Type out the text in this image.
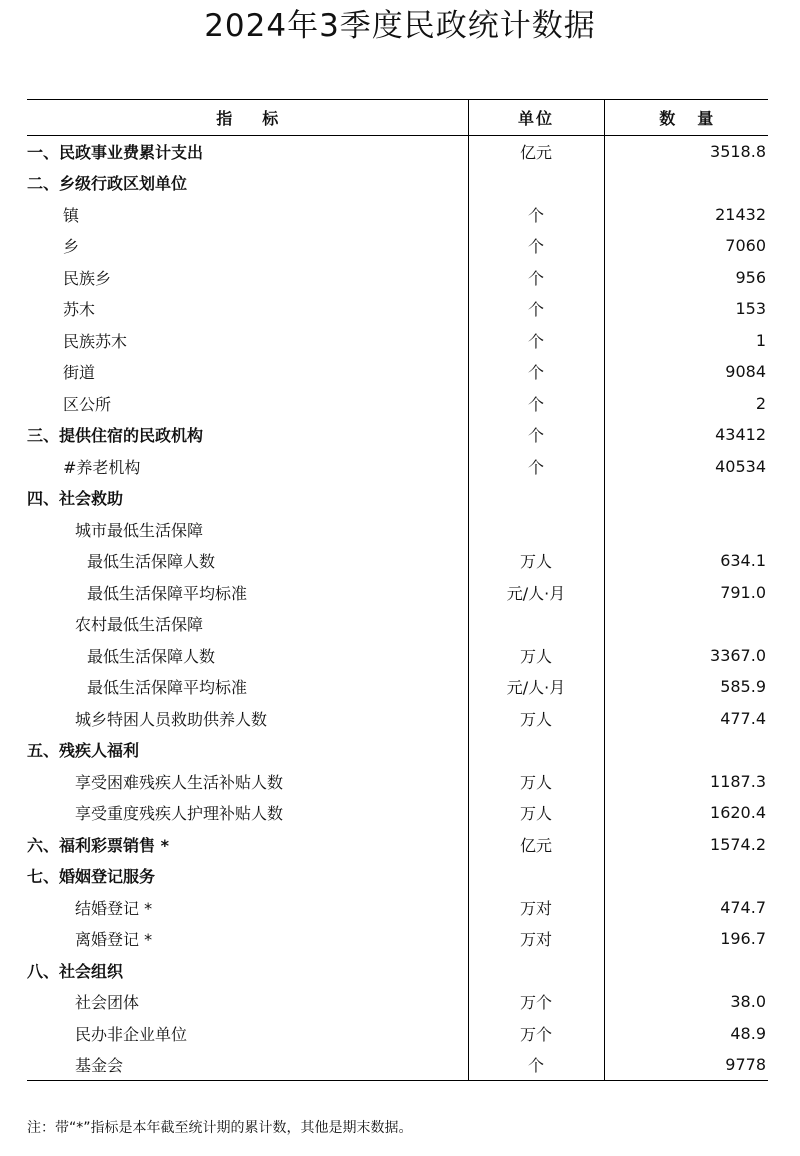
2024年3季度民政统计数据
指标	单位	数量
一、民政事业费累计支出	亿元	3518.8
二、乡级行政区划单位		
镇	个	21432
乡	个	7060
民族乡	个	956
苏木	个	153
民族苏木	个	1
街道	个	9084
区公所	个	2
三、提供住宿的民政机构	个	43412
#养老机构	个	40534
四、社会救助		
城市最低生活保障		
最低生活保障人数	万人	634.1
最低生活保障平均标准	元/人·月	791.0
农村最低生活保障		
最低生活保障人数	万人	3367.0
最低生活保障平均标准	元/人·月	585.9
城乡特困人员救助供养人数	万人	477.4
五、残疾人福利		
享受困难残疾人生活补贴人数	万人	1187.3
享受重度残疾人护理补贴人数	万人	1620.4
六、福利彩票销售 *	亿元	1574.2
七、婚姻登记服务		
结婚登记 *	万对	474.7
离婚登记 *	万对	196.7
八、社会组织		
社会团体	万个	38.0
民办非企业单位	万个	48.9
基金会	个	9778

注：带“*”指标是本年截至统计期的累计数，其他是期末数据。
